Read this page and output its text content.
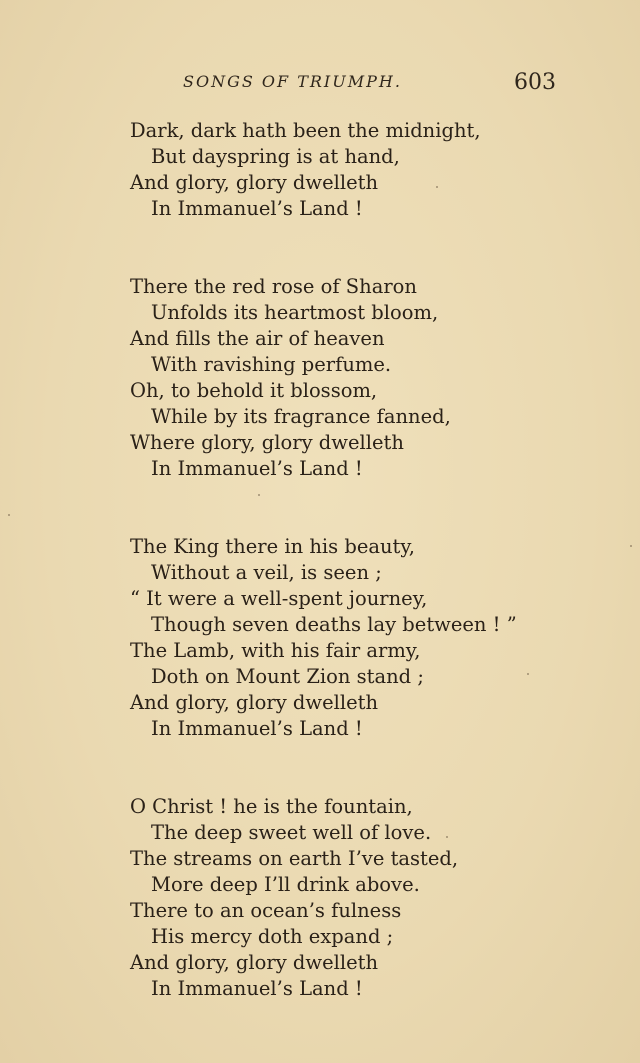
SONGS OF TRIUMPH.	603
Dark, dark hath been the midnight,
But dayspring is at hand,
And glory, glory dwelleth
In Immanuel’s Land !
There the red rose of Sharon
Unfolds its heartmost bloom,
And fills the air of heaven
With ravishing perfume.
Oh, to behold it blossom,
While by its fragrance fanned,
Where glory, glory dwelleth
In Immanuel’s Land !
The King there in his beauty,
Without a veil, is seen ;
“ It were a well-spent journey,
Though seven deaths lay between ! ”
The Lamb, with his fair army,
Doth on Mount Zion stand ;
And glory, glory dwelleth
In Immanuel’s Land !
O Christ ! he is the fountain,
The deep sweet well of love.
The streams on earth I’ve tasted,
More deep I’ll drink above.
There to an ocean’s fulness
His mercy doth expand ;
And glory, glory dwelleth
In Immanuel’s Land !
